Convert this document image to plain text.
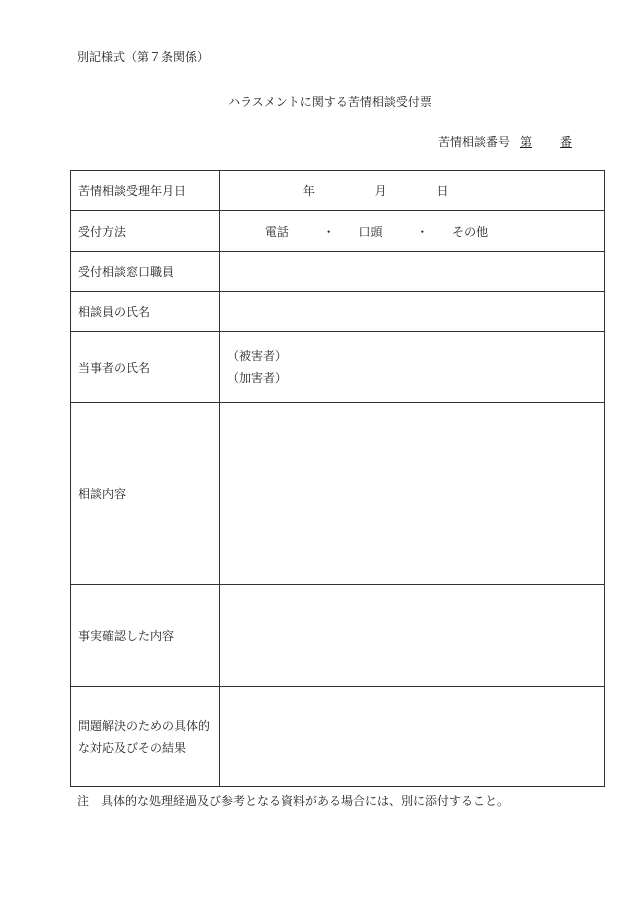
別記様式（第７条関係）
ハラスメントに関する苦情相談受付票
苦情相談番号 第 番
苦情相談受理年月日	年 月 日

受付方法	電話 ・ 口頭 ・ その他

受付相談窓口職員	
相談員の氏名	
当事者の氏名	（被害者）
（加害者）

相談内容	
事実確認した内容	

問題解決のための具体的
な対応及びその結果	

注　具体的な処理経過及び参考となる資料がある場合には、別に添付すること。
